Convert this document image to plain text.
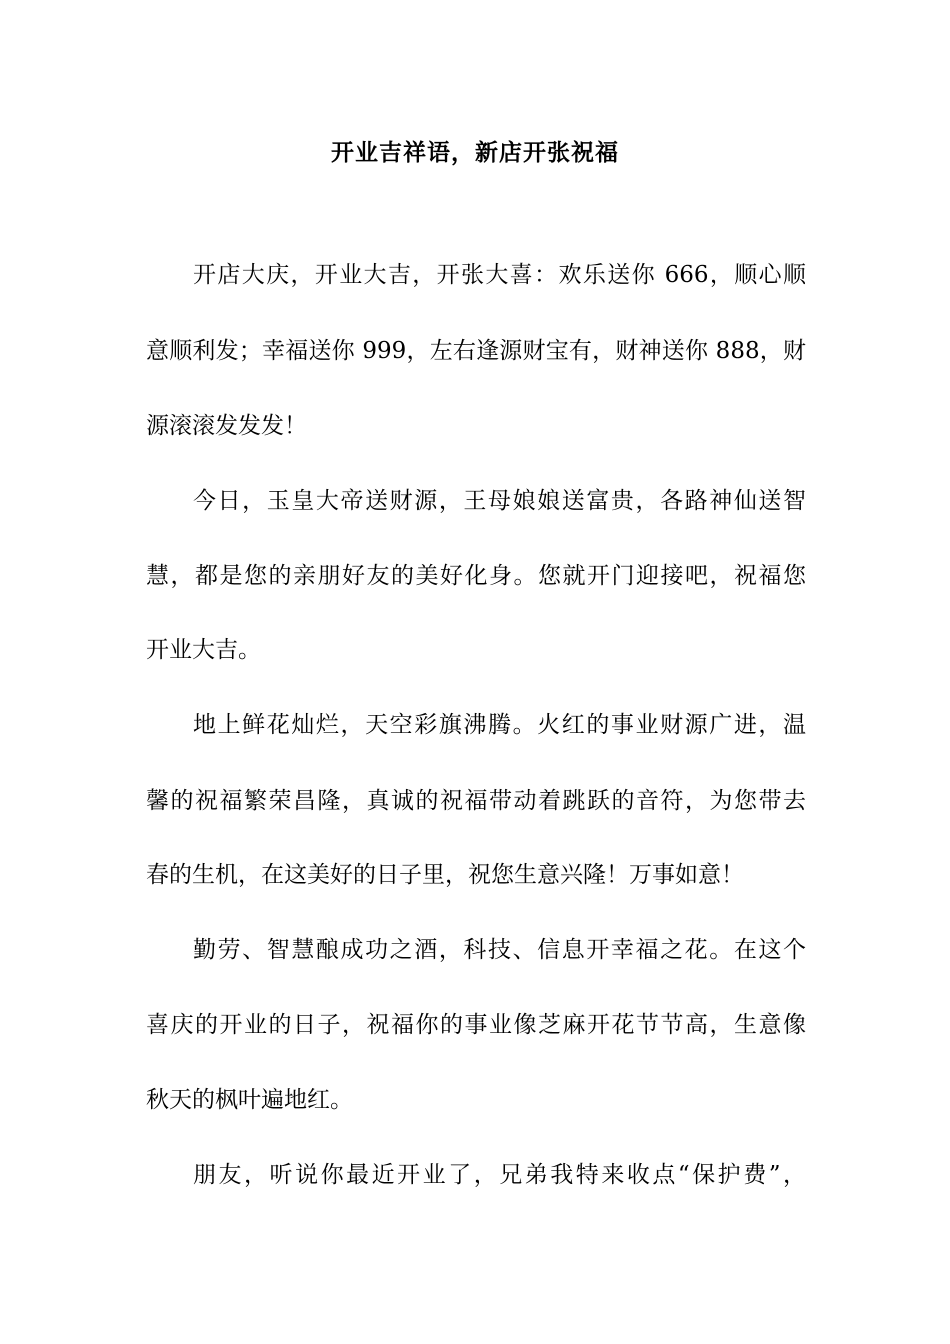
开业吉祥语，新店开张祝福
开店大庆，开业大吉，开张大喜：欢乐送你 666，顺心顺
意顺利发；幸福送你 999，左右逢源财宝有，财神送你 888，财
源滚滚发发发！
今日，玉皇大帝送财源，王母娘娘送富贵，各路神仙送智
慧，都是您的亲朋好友的美好化身。您就开门迎接吧，祝福您
开业大吉。
地上鲜花灿烂，天空彩旗沸腾。火红的事业财源广进，温
馨的祝福繁荣昌隆，真诚的祝福带动着跳跃的音符，为您带去
春的生机，在这美好的日子里，祝您生意兴隆！万事如意！
勤劳、智慧酿成功之酒，科技、信息开幸福之花。在这个
喜庆的开业的日子，祝福你的事业像芝麻开花节节高，生意像
秋天的枫叶遍地红。
朋友，听说你最近开业了，兄弟我特来收点“保护费”，
